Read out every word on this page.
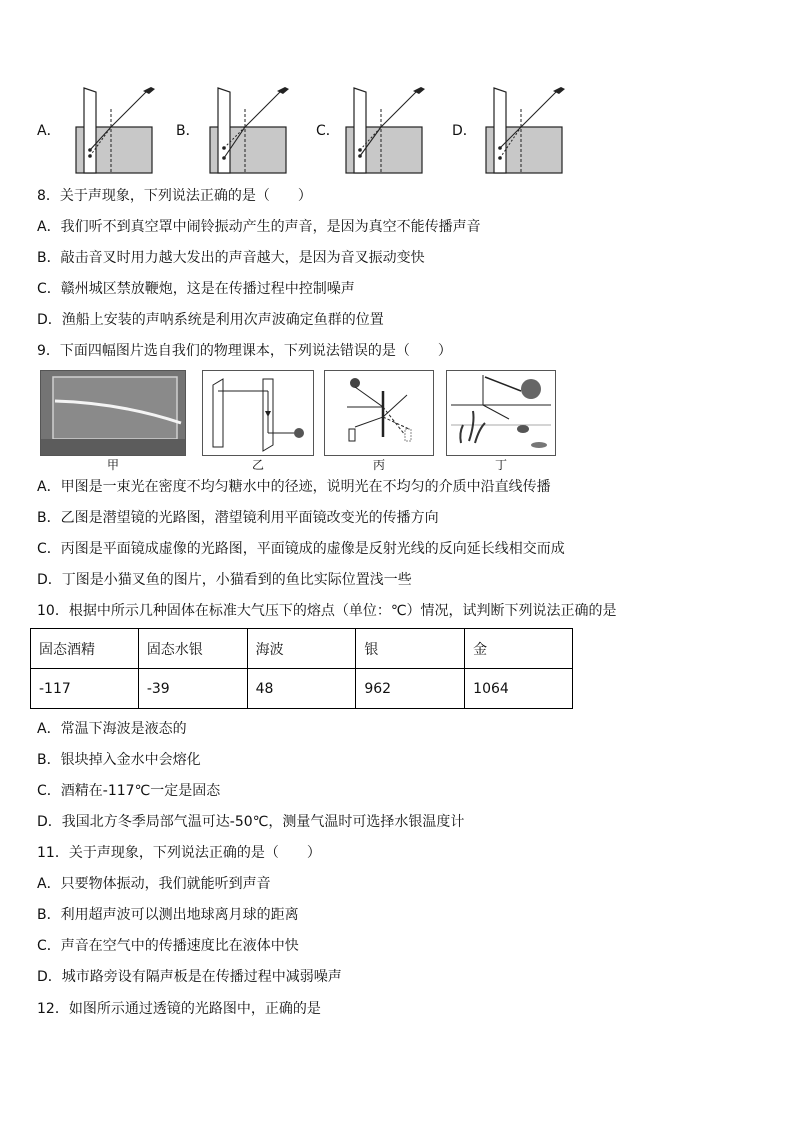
A．	B．	C．	D．
8．关于声现象，下列说法正确的是（　　）
A．我们听不到真空罩中闹铃振动产生的声音，是因为真空不能传播声音
B．敲击音叉时用力越大发出的声音越大，是因为音叉振动变快
C．赣州城区禁放鞭炮，这是在传播过程中控制噪声
D．渔船上安装的声呐系统是利用次声波确定鱼群的位置
9．下面四幅图片选自我们的物理课本，下列说法错误的是（　　）
甲	乙	丙	丁
A．甲图是一束光在密度不均匀糖水中的径迹，说明光在不均匀的介质中沿直线传播
B．乙图是潜望镜的光路图，潜望镜利用平面镜改变光的传播方向
C．丙图是平面镜成虚像的光路图，平面镜成的虚像是反射光线的反向延长线相交而成
D．丁图是小猫叉鱼的图片，小猫看到的鱼比实际位置浅一些
10．根据中所示几种固体在标准大气压下的熔点（单位：℃）情况，试判断下列说法正确的是
固态酒精	固态水银	海波	银	金
-117	-39	48	962	1064
A．常温下海波是液态的
B．银块掉入金水中会熔化
C．酒精在-117℃一定是固态
D．我国北方冬季局部气温可达-50℃，测量气温时可选择水银温度计
11．关于声现象，下列说法正确的是（　　）
A．只要物体振动，我们就能听到声音
B．利用超声波可以测出地球离月球的距离
C．声音在空气中的传播速度比在液体中快
D．城市路旁设有隔声板是在传播过程中减弱噪声
12．如图所示通过透镜的光路图中，正确的是
